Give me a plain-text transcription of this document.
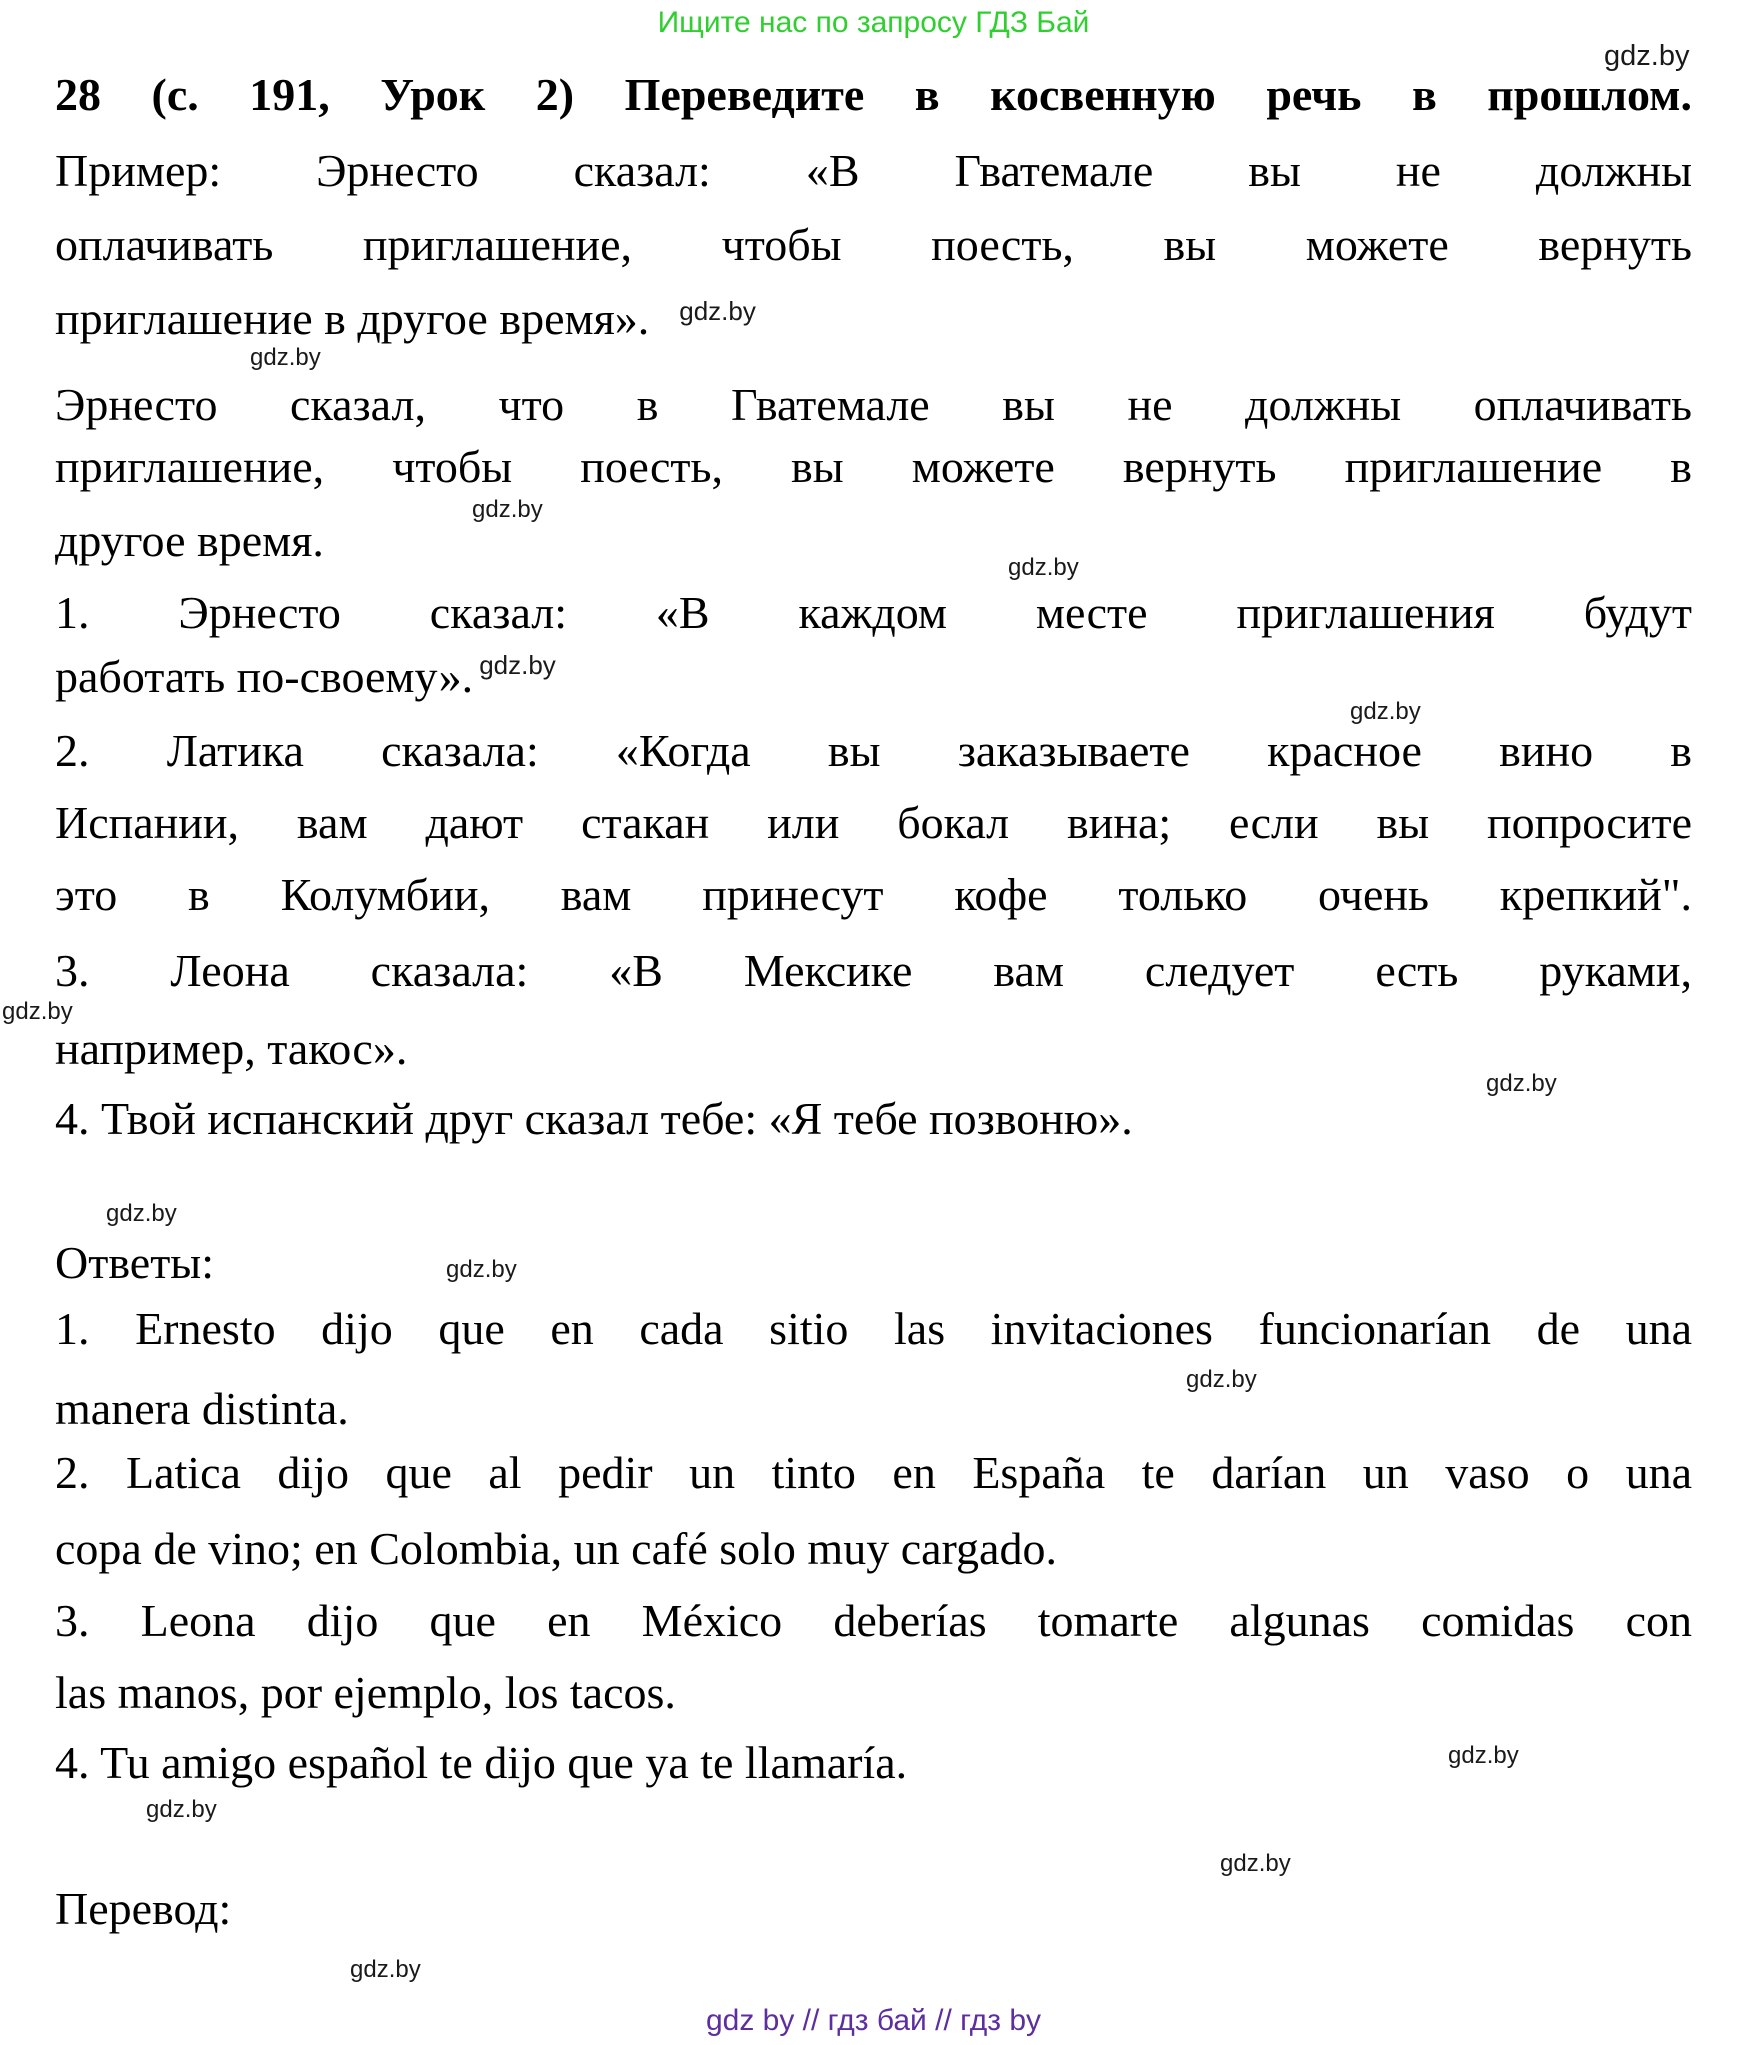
Ищите нас по запросу ГДЗ Бай
gdz.by
28 (с. 191, Урок 2) Переведите в косвенную речь в прошлом.
Пример: Эрнесто сказал: «В Гватемале вы не должны
оплачивать приглашение, чтобы поесть, вы можете вернуть
приглашение в другое время». $^{gdz.by}$
gdz.by
Эрнесто сказал, что в Гватемале вы не должны оплачивать
приглашение, чтобы поесть, вы можете вернуть приглашение в
gdz.by
другое время.
gdz.by
1. Эрнесто сказал: «В каждом месте приглашения будут
работать по-своему». $^{gdz.by}$
gdz.by
2. Латика сказала: «Когда вы заказываете красное вино в
Испании, вам дают стакан или бокал вина; если вы попросите
это в Колумбии, вам принесут кофе только очень крепкий".
3. Леона сказала: «В Мексике вам следует есть руками,
gdz.by
например, такос».
gdz.by
4. Твой испанский друг сказал тебе: «Я тебе позвоню».
gdz.by
Ответы:	gdz.by
1. Ernesto dijo que en cada sitio las invitaciones funcionarían de una
gdz.by
manera distinta.
2. Latica dijo que al pedir un tinto en España te darían un vaso o una
copa de vino; en Colombia, un café solo muy cargado.
3. Leona dijo que en México deberías tomarte algunas comidas con
las manos, por ejemplo, los tacos.
4. Tu amigo español te dijo que ya te llamaría.	gdz.by
gdz.by
gdz.by
Перевод:
gdz.by
gdz by // гдз бай // гдз by
